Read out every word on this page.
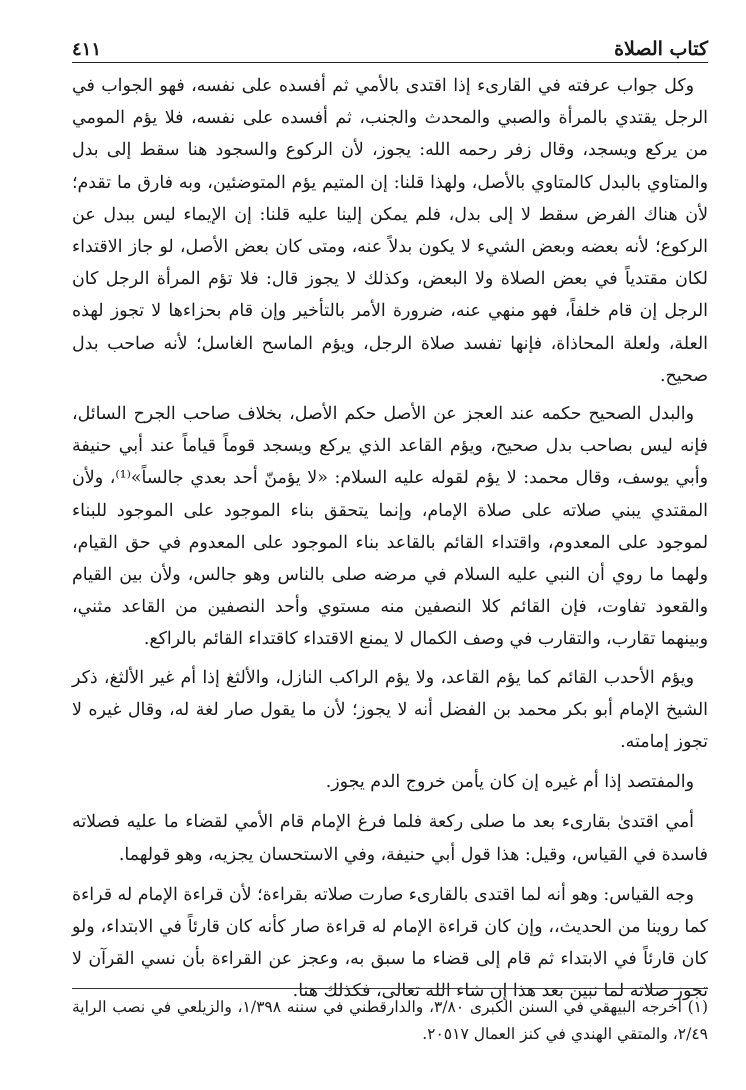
كتاب الصلاة
٤١١

وكل جواب عرفته في القارىء إذا اقتدى بالأمي ثم أفسده على نفسه، فهو الجواب في الرجل يقتدي بالمرأة والصبي والمحدث والجنب، ثم أفسده على نفسه، فلا يؤم المومي من يركع ويسجد، وقال زفر رحمه الله: يجوز، لأن الركوع والسجود هنا سقط إلى بدل والمتاوي بالبدل كالمتاوي بالأصل، ولهذا قلنا: إن المتيم يؤم المتوضئين، وبه فارق ما تقدم؛ لأن هناك الفرض سقط لا إلى بدل، فلم يمكن إلينا عليه قلنا: إن الإيماء ليس ببدل عن الركوع؛ لأنه بعضه وبعض الشيء لا يكون بدلاً عنه، ومتى كان بعض الأصل، لو جاز الاقتداء لكان مقتدياً في بعض الصلاة ولا البعض، وكذلك لا يجوز قال: فلا تؤم المرأة الرجل كان الرجل إن قام خلفاً، فهو منهي عنه، ضرورة الأمر بالتأخير وإن قام بحزاءها لا تجوز لهذه العلة، ولعلة المحاذاة، فإنها تفسد صلاة الرجل، ويؤم الماسح الغاسل؛ لأنه صاحب بدل صحيح.

والبدل الصحيح حكمه عند العجز عن الأصل حكم الأصل، بخلاف صاحب الجرح السائل، فإنه ليس بصاحب بدل صحيح، ويؤم القاعد الذي يركع ويسجد قوماً قياماً عند أبي حنيفة وأبي يوسف، وقال محمد: لا يؤم لقوله عليه السلام: «لا يؤمنّ أحد بعدي جالساً»⁽¹⁾، ولأن المقتدي يبني صلاته على صلاة الإمام، وإنما يتحقق بناء الموجود على الموجود للبناء لموجود على المعدوم، واقتداء القائم بالقاعد بناء الموجود على المعدوم في حق القيام، ولهما ما روي أن النبي عليه السلام في مرضه صلى بالناس وهو جالس، ولأن بين القيام والقعود تفاوت، فإن القائم كلا النصفين منه مستوي وأحد النصفين من القاعد مثني، وبينهما تقارب، والتقارب في وصف الكمال لا يمنع الاقتداء كاقتداء القائم بالراكع.

ويؤم الأحدب القائم كما يؤم القاعد، ولا يؤم الراكب النازل، والألثغ إذا أم غير الألثغ، ذكر الشيخ الإمام أبو بكر محمد بن الفضل أنه لا يجوز؛ لأن ما يقول صار لغة له، وقال غيره لا تجوز إمامته.

والمفتصد إذا أم غيره إن كان يأمن خروج الدم يجوز.

أمي اقتدىٰ بقارىء بعد ما صلى ركعة فلما فرغ الإمام قام الأمي لقضاء ما عليه فصلاته فاسدة في القياس، وقيل: هذا قول أبي حنيفة، وفي الاستحسان يجزيه، وهو قولهما.

وجه القياس: وهو أنه لما اقتدى بالقارىء صارت صلاته بقراءة؛ لأن قراءة الإمام له قراءة كما روينا من الحديث،، وإن كان قراءة الإمام له قراءة صار كأنه كان قارئاً في الابتداء، ولو كان قارئاً في الابتداء ثم قام إلى قضاء ما سبق به، وعجز عن القراءة بأن نسي القرآن لا تجوز صلاته لما نبين بعد هذا إن شاء الله تعالى، فكذلك هنا.

(١) أخرجه البيهقي في السنن الكبرى ٣/٨٠، والدارقطني في سننه ١/٣٩٨، والزيلعي في نصب الراية ٢/٤٩، والمتقي الهندي في كنز العمال ٢٠٥١٧.
